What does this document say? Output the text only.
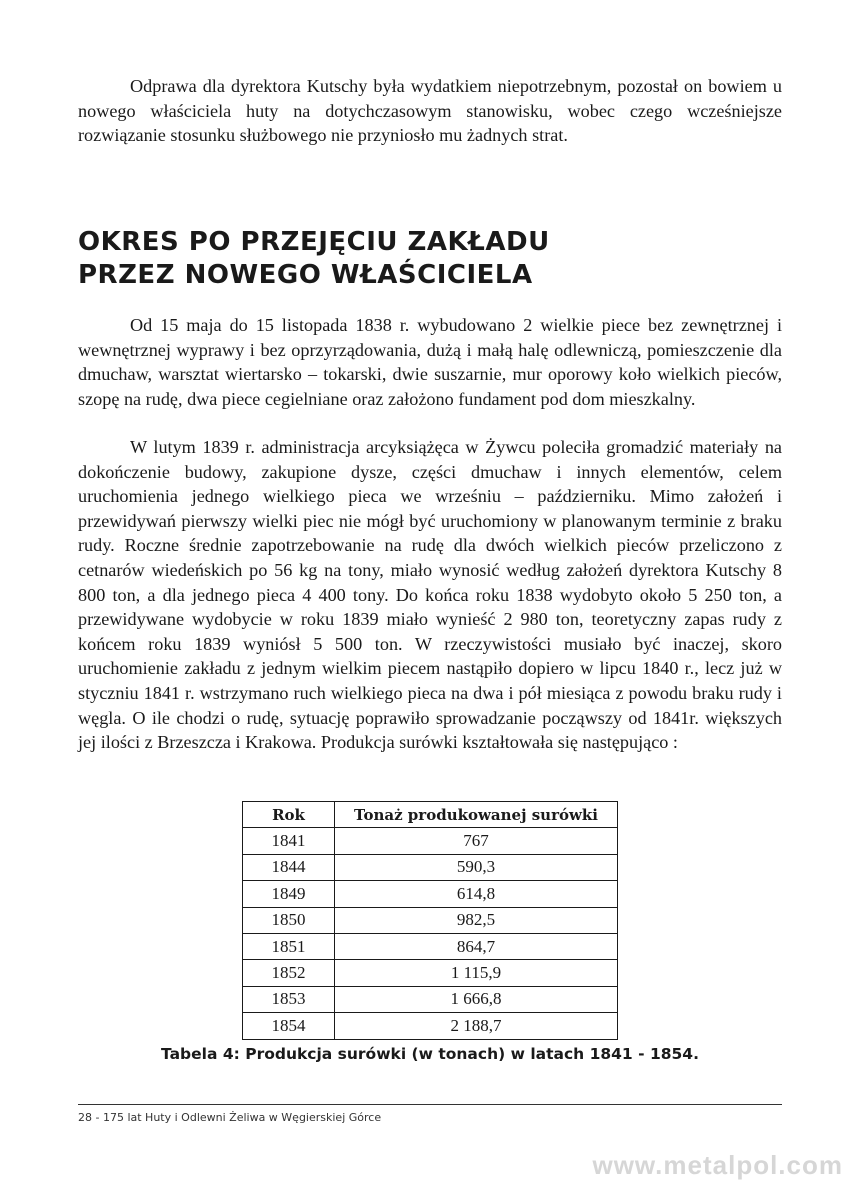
Odprawa dla dyrektora Kutschy była wydatkiem niepotrzebnym, pozostał on bowiem u nowego właściciela huty na dotychczasowym stanowisku, wobec czego wcześniejsze rozwiązanie stosunku służbowego nie przyniosło mu żadnych strat.

OKRES PO PRZEJĘCIU ZAKŁADU
PRZEZ NOWEGO WŁAŚCICIELA

Od 15 maja do 15 listopada 1838 r. wybudowano 2 wielkie piece bez zewnętrznej i wewnętrznej wyprawy i bez oprzyrządowania, dużą i małą halę odlewniczą, pomieszczenie dla dmuchaw, warsztat wiertarsko – tokarski, dwie suszarnie, mur oporowy koło wielkich pieców, szopę na rudę, dwa piece cegielniane oraz założono fundament pod dom mieszkalny.

W lutym 1839 r. administracja arcyksiążęca w Żywcu poleciła gromadzić materiały na dokończenie budowy, zakupione dysze, części dmuchaw i innych elementów, celem uruchomienia jednego wielkiego pieca we wrześniu – październiku. Mimo założeń i przewidywań pierwszy wielki piec nie mógł być uruchomiony w planowanym terminie z braku rudy. Roczne średnie zapotrzebowanie na rudę dla dwóch wielkich pieców przeliczono z cetnarów wiedeńskich po 56 kg na tony, miało wynosić według założeń dyrektora Kutschy 8 800 ton, a dla jednego pieca 4 400 tony. Do końca roku 1838 wydobyto około 5 250 ton, a przewidywane wydobycie w roku 1839 miało wynieść 2 980 ton, teoretyczny zapas rudy z końcem roku 1839 wyniósł 5 500 ton. W rzeczywistości musiało być inaczej, skoro uruchomienie zakładu z jednym wielkim piecem nastąpiło dopiero w lipcu 1840 r., lecz już w styczniu 1841 r. wstrzymano ruch wielkiego pieca na dwa i pół miesiąca z powodu braku rudy i węgla. O ile chodzi o rudę, sytuację poprawiło sprowadzanie począwszy od 1841r. większych jej ilości z Brzeszcza i Krakowa. Produkcja surówki kształtowała się następująco :

Rok	Tonaż produkowanej surówki
1841	767
1844	590,3
1849	614,8
1850	982,5
1851	864,7
1852	1 115,9
1853	1 666,8
1854	2 188,7

Tabela 4: Produkcja surówki (w tonach) w latach 1841 - 1854.

28 - 175 lat Huty i Odlewni Żeliwa w Węgierskiej Górce

www.metalpol.com
